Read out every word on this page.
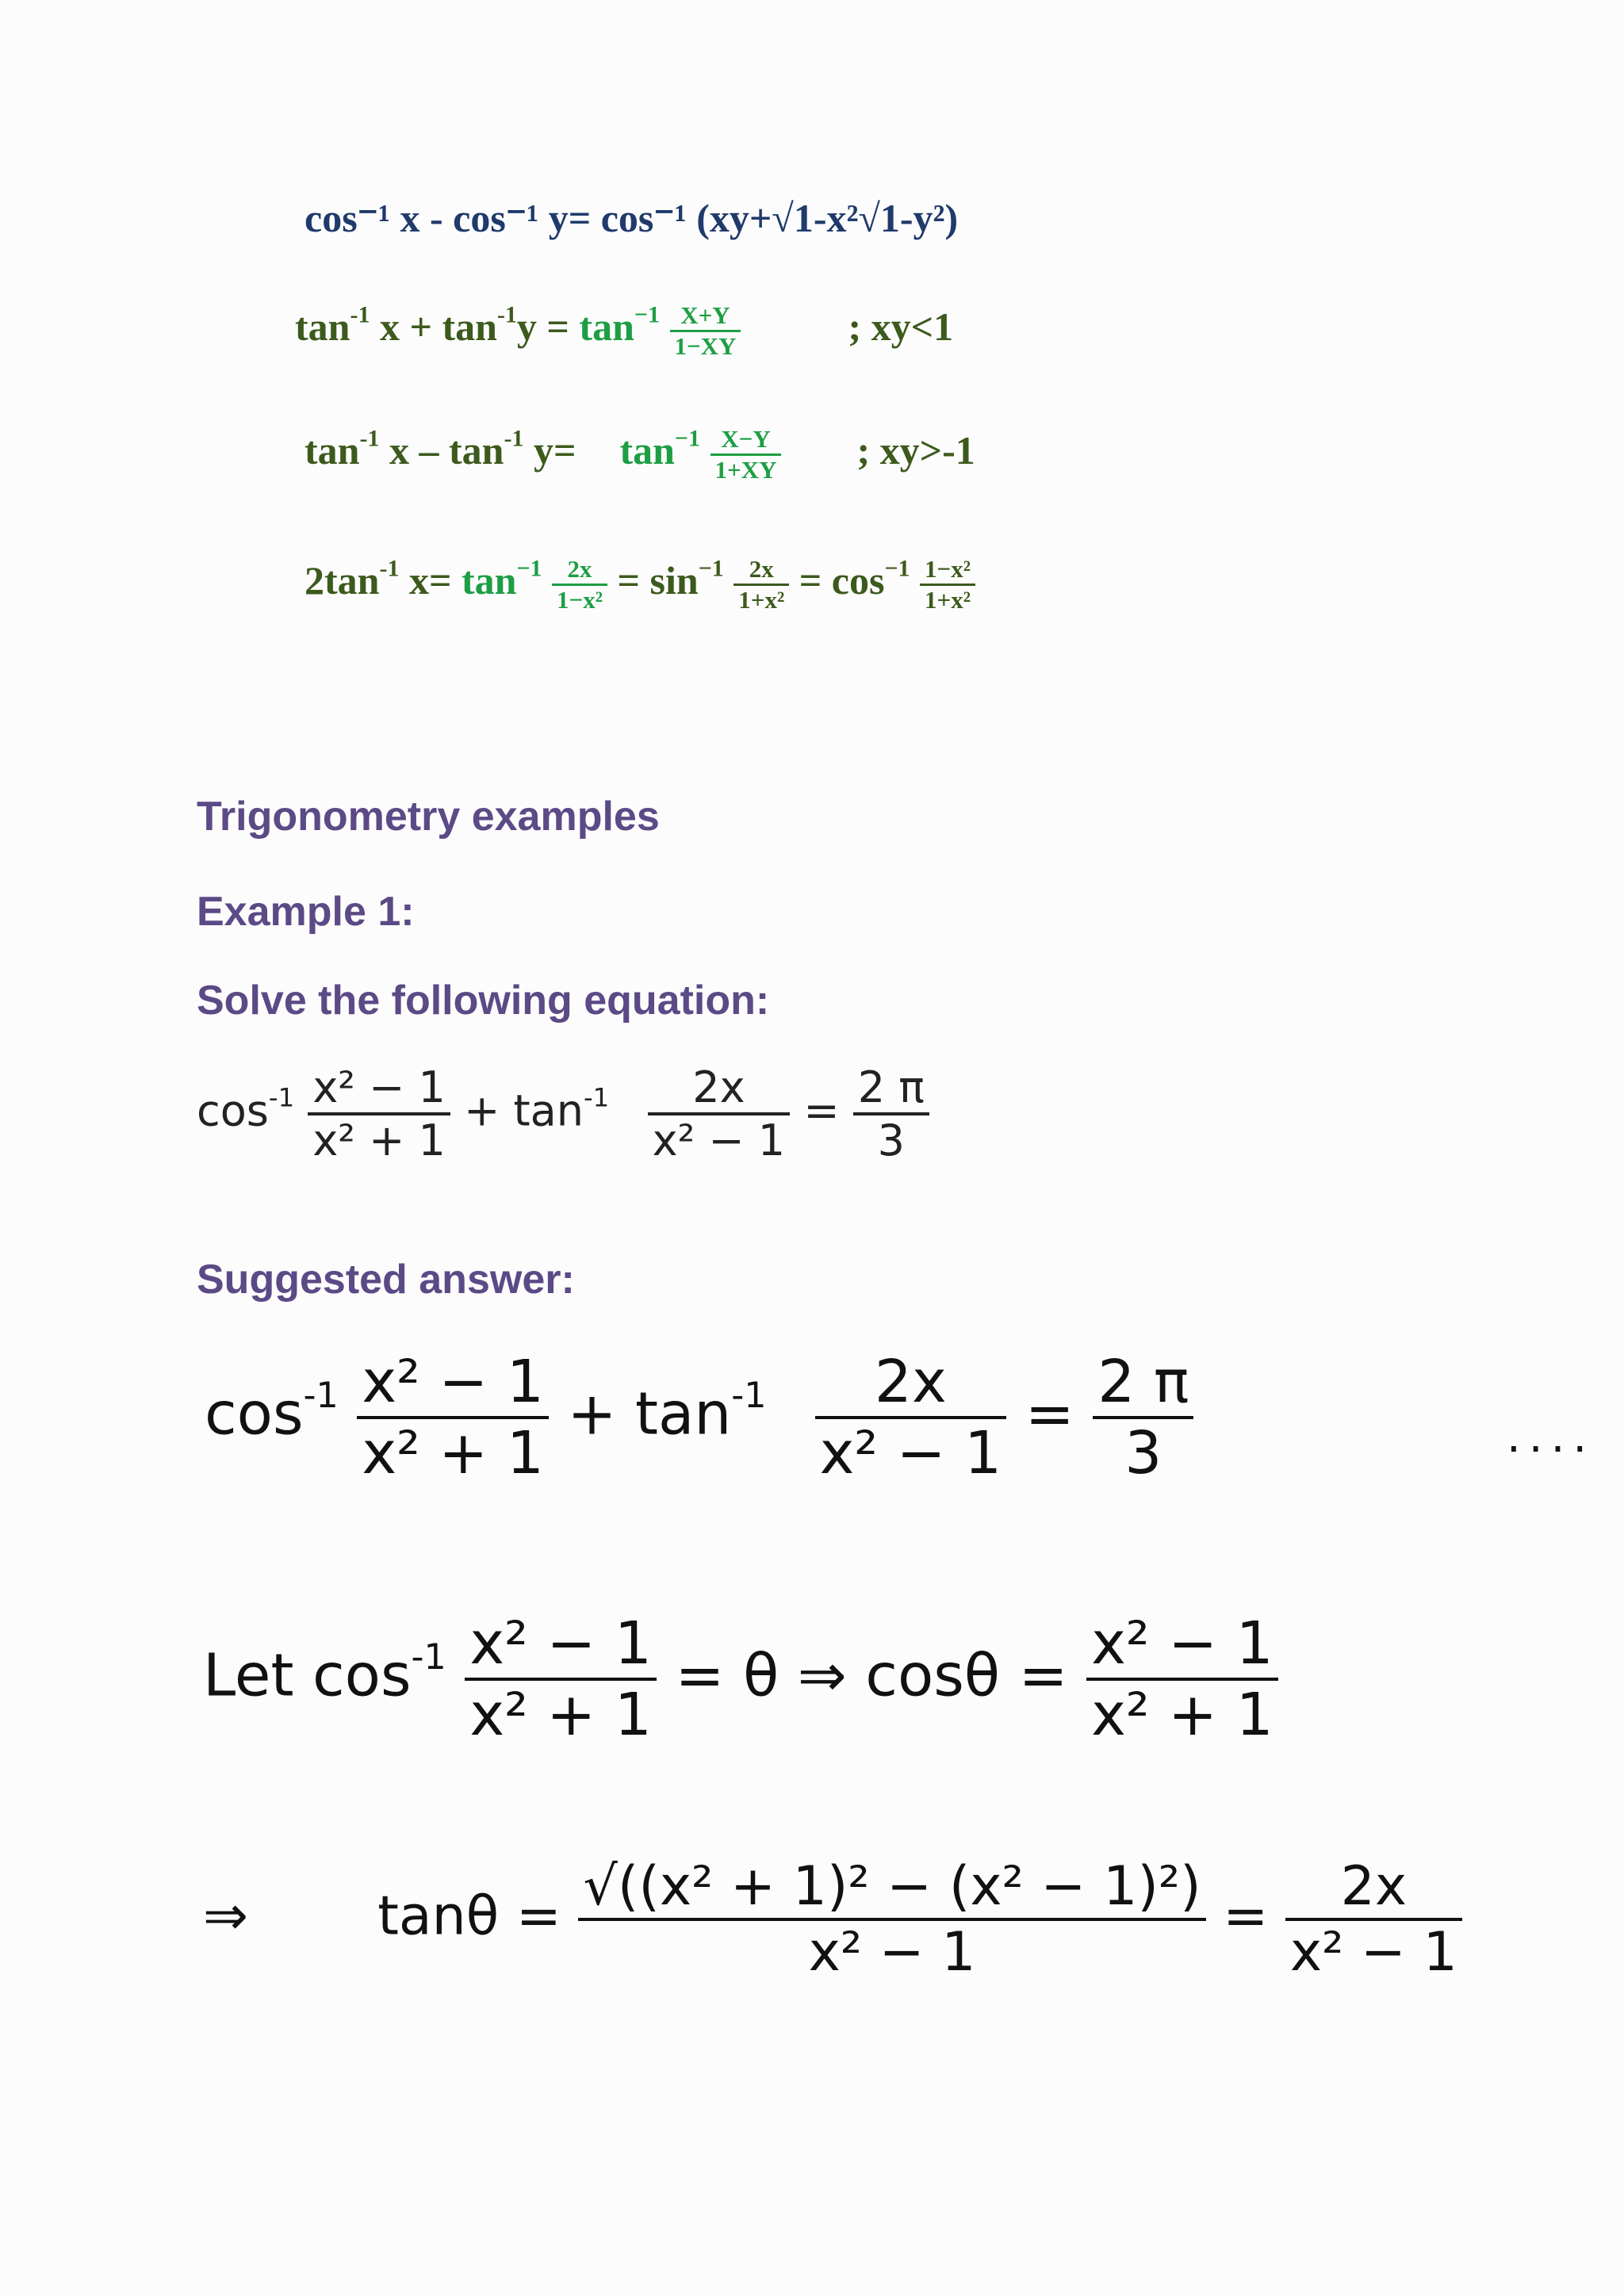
cos⁻¹ x - cos⁻¹ y= cos⁻¹ (xy+√1-x²√1-y²)
$\tan^{-1} x + \tan^{-1}y = \tan^{-1} \frac{X+Y}{1-XY}$	; xy<1
$\tan^{-1} x - \tan^{-1} y= \tan^{-1} \frac{X-Y}{1+XY}$ ; xy>-1
$2\tan^{-1}$ $x= \tan^{-1} \frac{2x}{\text{1−x²}} = \sin^{-1} \frac{2x}{\text{1+x²}} = \cos^{-1} \frac{\text{1−x²}}{\text{1+x²}}$
Trigonometry examples
Example 1:
Solve the following equation:
$\cos^{-1} \frac{\text{x² − 1}}{\text{x² + 1}} + \tan^{-1} \frac{2x}{\text{x² − 1}} = \frac{2 \pi}{3}$
Suggested answer:
$\cos^{-1} \frac{\text{x² − 1}}{\text{x² + 1}} + \tan^{-1} \frac{2x}{\text{x² − 1}} = \frac{2 \pi}{3}$	....
Let $\cos^{-1} \frac{\text{x² − 1}}{\text{x² + 1}} = \theta$ ⇒ $\cos\theta = \frac{\text{x² − 1}}{\text{x² + 1}}$
⇒ $\tan\theta = \frac{\text{√((x² + 1)² − (x² − 1)²)}}{\text{x² − 1}} = \frac{2x}{\text{x² − 1}}$
